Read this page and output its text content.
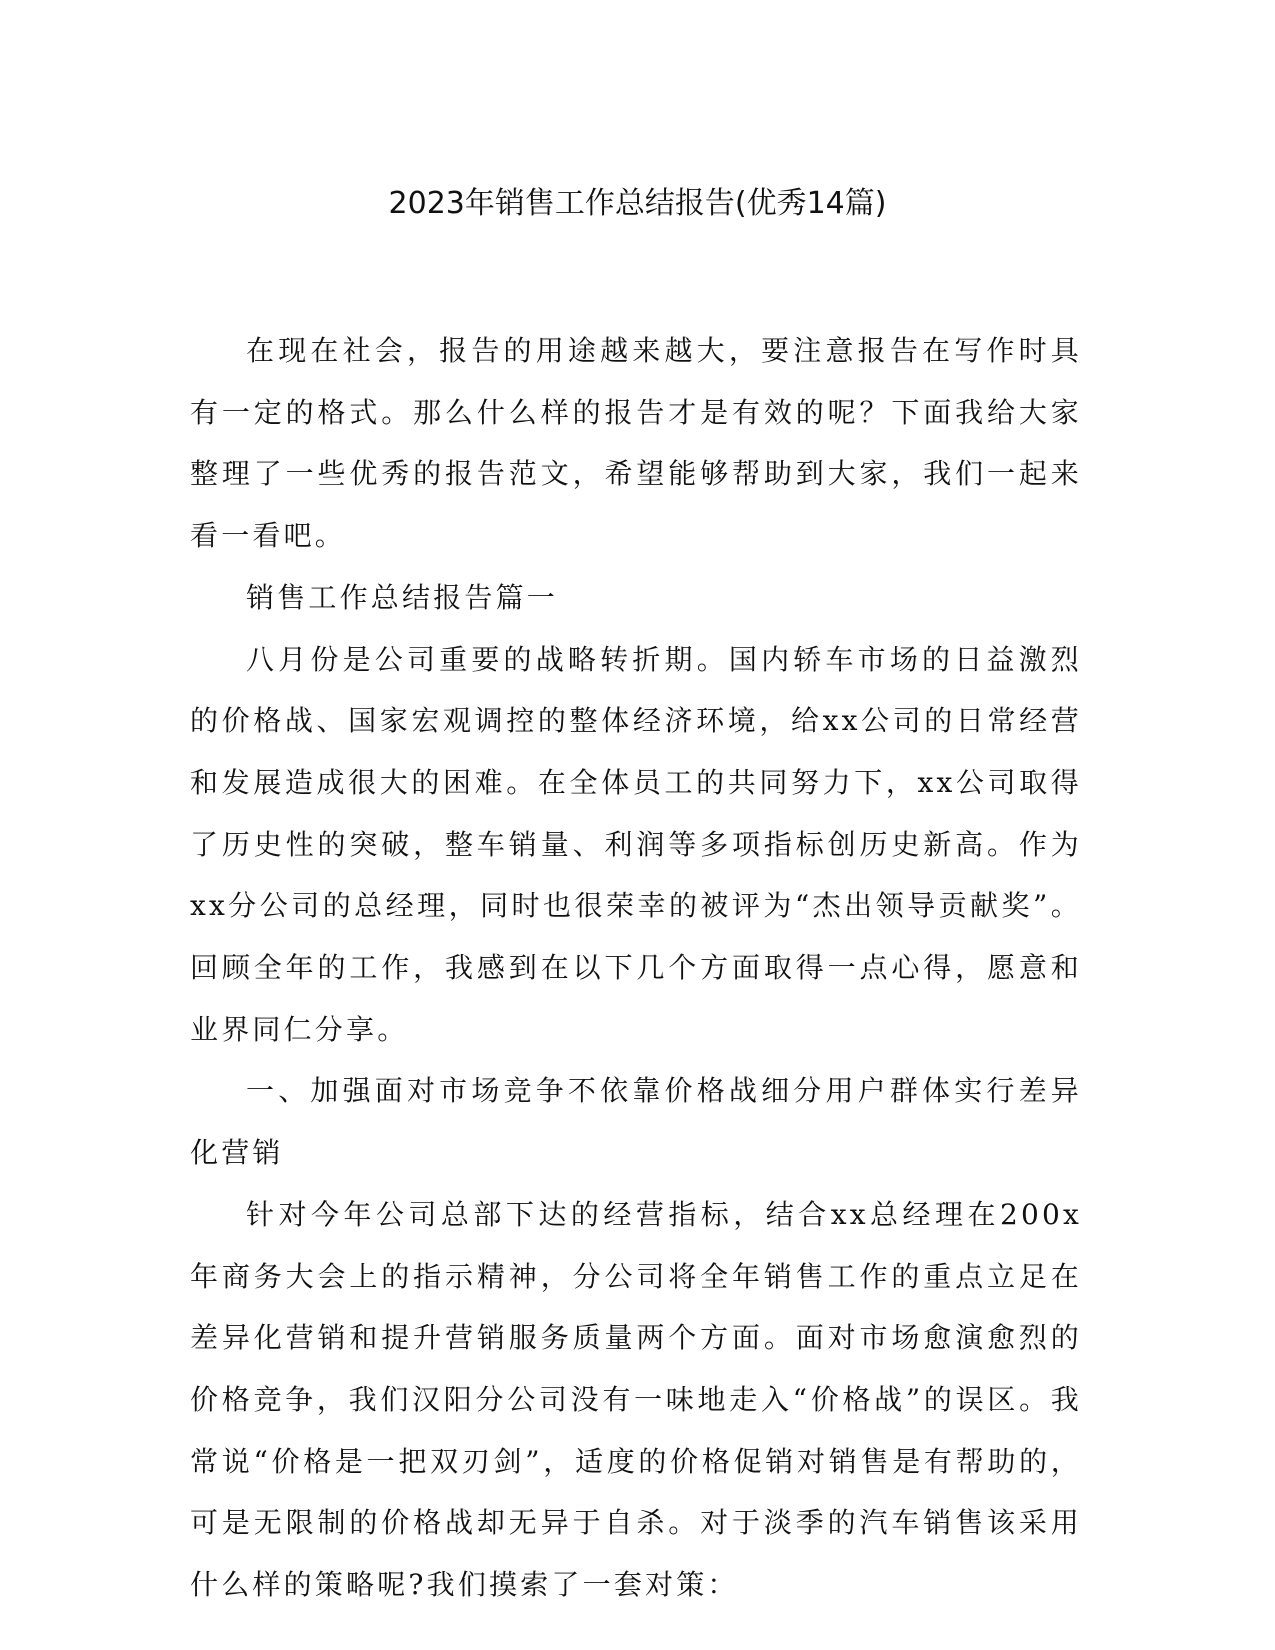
2023年销售工作总结报告(优秀14篇)

在现在社会，报告的用途越来越大，要注意报告在写作时具有一定的格式。那么什么样的报告才是有效的呢？下面我给大家整理了一些优秀的报告范文，希望能够帮助到大家，我们一起来看一看吧。

销售工作总结报告篇一

八月份是公司重要的战略转折期。国内轿车市场的日益激烈的价格战、国家宏观调控的整体经济环境，给xx公司的日常经营和发展造成很大的困难。在全体员工的共同努力下，xx公司取得了历史性的突破，整车销量、利润等多项指标创历史新高。作为xx分公司的总经理，同时也很荣幸的被评为“杰出领导贡献奖”。回顾全年的工作，我感到在以下几个方面取得一点心得，愿意和业界同仁分享。

一、加强面对市场竞争不依靠价格战细分用户群体实行差异化营销

针对今年公司总部下达的经营指标，结合xx总经理在200x年商务大会上的指示精神，分公司将全年销售工作的重点立足在差异化营销和提升营销服务质量两个方面。面对市场愈演愈烈的价格竞争，我们汉阳分公司没有一味地走入“价格战”的误区。我常说“价格是一把双刃剑”，适度的价格促销对销售是有帮助的，可是无限制的价格战却无异于自杀。对于淡季的汽车销售该采用什么样的策略呢?我们摸索了一套对策：
